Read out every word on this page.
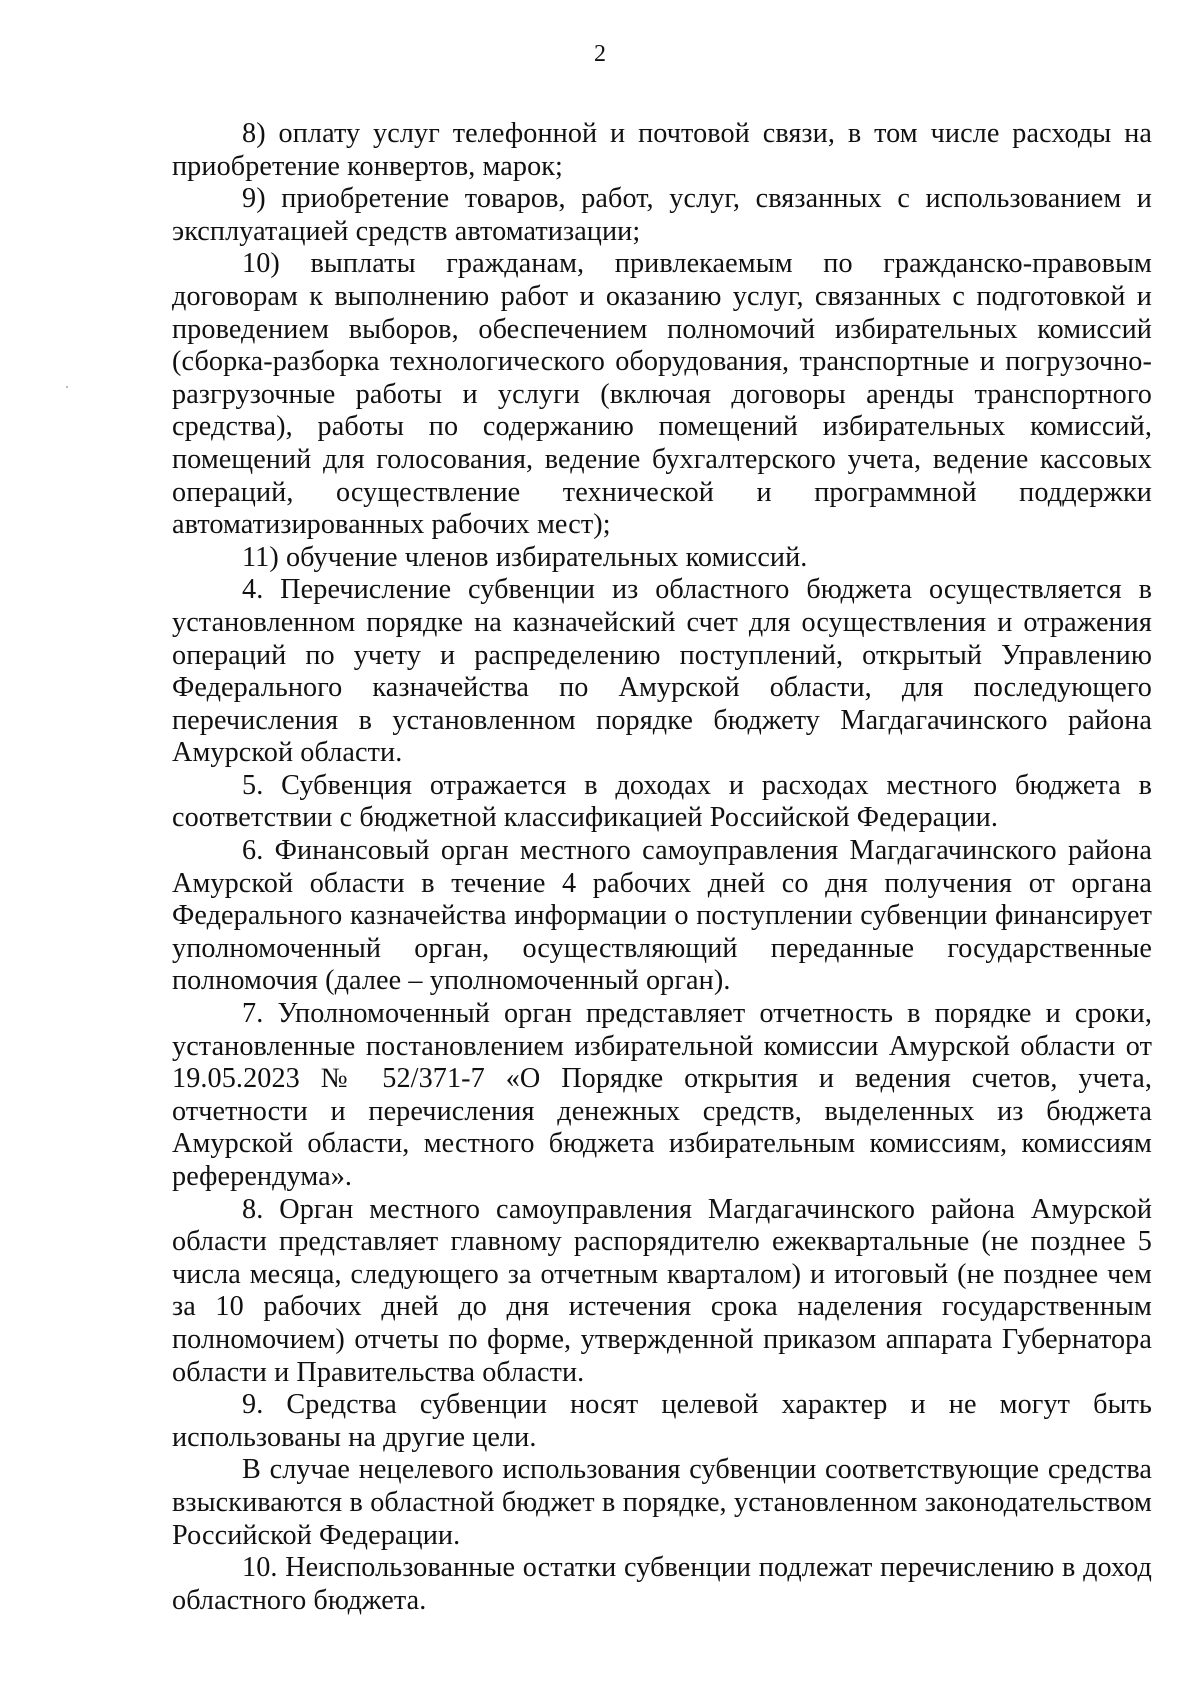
2

8) оплату услуг телефонной и почтовой связи, в том числе расходы на приобретение конвертов, марок;

9) приобретение товаров, работ, услуг, связанных с использованием и эксплуатацией средств автоматизации;

10) выплаты гражданам, привлекаемым по гражданско-правовым договорам к выполнению работ и оказанию услуг, связанных с подготовкой и проведением выборов, обеспечением полномочий избирательных комиссий (сборка-разборка технологического оборудования, транспортные и погрузочно-разгрузочные работы и услуги (включая договоры аренды транспортного средства), работы по содержанию помещений избирательных комиссий, помещений для голосования, ведение бухгалтерского учета, ведение кассовых операций, осуществление технической и программной поддержки автоматизированных рабочих мест);

11) обучение членов избирательных комиссий.

4. Перечисление субвенции из областного бюджета осуществляется в установленном порядке на казначейский счет для осуществления и отражения операций по учету и распределению поступлений, открытый Управлению Федерального казначейства по Амурской области, для последующего перечисления в установленном порядке бюджету Магдагачинского района Амурской области.

5. Субвенция отражается в доходах и расходах местного бюджета в соответствии с бюджетной классификацией Российской Федерации.

6. Финансовый орган местного самоуправления Магдагачинского района Амурской области в течение 4 рабочих дней со дня получения от органа Федерального казначейства информации о поступлении субвенции финансирует уполномоченный орган, осуществляющий переданные государственные полномочия (далее – уполномоченный орган).

7. Уполномоченный орган представляет отчетность в порядке и сроки, установленные постановлением избирательной комиссии Амурской области от 19.05.2023 № 52/371-7 «О Порядке открытия и ведения счетов, учета, отчетности и перечисления денежных средств, выделенных из бюджета Амурской области, местного бюджета избирательным комиссиям, комиссиям референдума».

8. Орган местного самоуправления Магдагачинского района Амурской области представляет главному распорядителю ежеквартальные (не позднее 5 числа месяца, следующего за отчетным кварталом) и итоговый (не позднее чем за 10 рабочих дней до дня истечения срока наделения государственным полномочием) отчеты по форме, утвержденной приказом аппарата Губернатора области и Правительства области.

9. Средства субвенции носят целевой характер и не могут быть использованы на другие цели.

В случае нецелевого использования субвенции соответствующие средства взыскиваются в областной бюджет в порядке, установленном законодательством Российской Федерации.

10. Неиспользованные остатки субвенции подлежат перечислению в доход областного бюджета.
